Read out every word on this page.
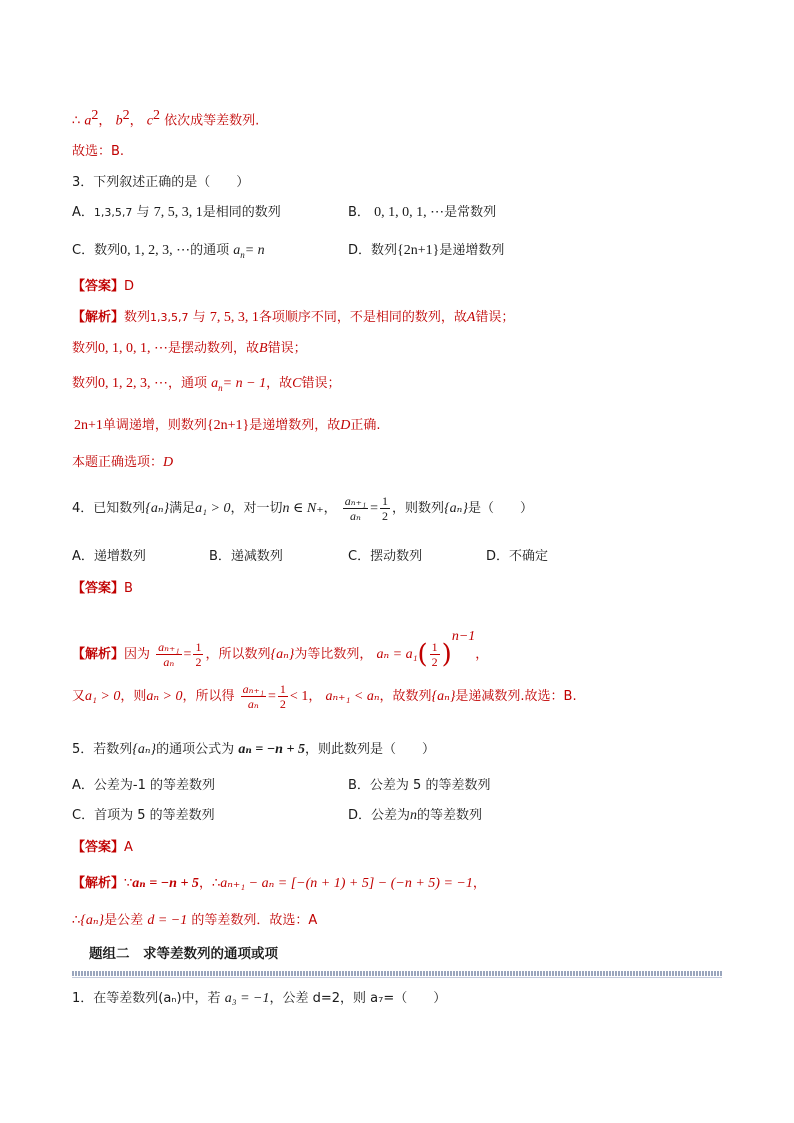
∴ $a^2$， $b^2$， $c^2$ 依次成等差数列.
故选：B.
3．下列叙述正确的是（　　）
A．1,3,5,7 与 7, 5, 3, 1是相同的数列	B． 0, 1, 0, 1, ⋯是常数列
C．数列0, 1, 2, 3, ⋯的通项 $a_n= n$	D．数列{2n+1}是递增数列
【答案】D
【解析】数列1,3,5,7 与 7, 5, 3, 1各项顺序不同，不是相同的数列，故A错误；
数列0, 1, 0, 1, ⋯是摆动数列，故B错误；
数列0, 1, 2, 3, ⋯，通项 $a_n= n - 1$，故C错误；
2n+1单调递增，则数列{2n+1}是递增数列，故D正确.
本题正确选项：D
4．已知数列{aₙ}满足a₁ > 0，对一切n ∈ N₊， $\frac{\text{aₙ₊₁}}{\text{aₙ}} = \frac{1}{2}$ ，则数列{aₙ}是（　　）
A．递增数列	B．递减数列	C．摆动数列	D．不确定
【答案】B
【解析】因为 $\frac{\text{aₙ₊₁}}{\text{aₙ}} = \frac{1}{2}$ ，所以数列{aₙ}为等比数列， $a_n = a_1( \frac{1}{2} )^{n-1}$，
又a₁ > 0，则aₙ > 0，所以得 $\frac{\text{aₙ₊₁}}{\text{aₙ}} = \frac{1}{2} < 1$， aₙ₊₁ < aₙ，故数列{aₙ}是递减数列.故选：B.
5．若数列{aₙ}的通项公式为 aₙ = −n + 5，则此数列是（　　）
A．公差为-1 的等差数列	B．公差为 5 的等差数列
C．首项为 5 的等差数列	D．公差为n的等差数列
【答案】A
【解析】∵aₙ = −n + 5，∴aₙ₊₁ − aₙ = [−(n + 1) + 5] − (−n + 5) = −1，
∴{aₙ}是公差 d = −1 的等差数列．故选：A
题组二　求等差数列的通项或项
1．在等差数列(aₙ)中，若 a₃ = −1，公差 d=2，则 a₇=（　　）
